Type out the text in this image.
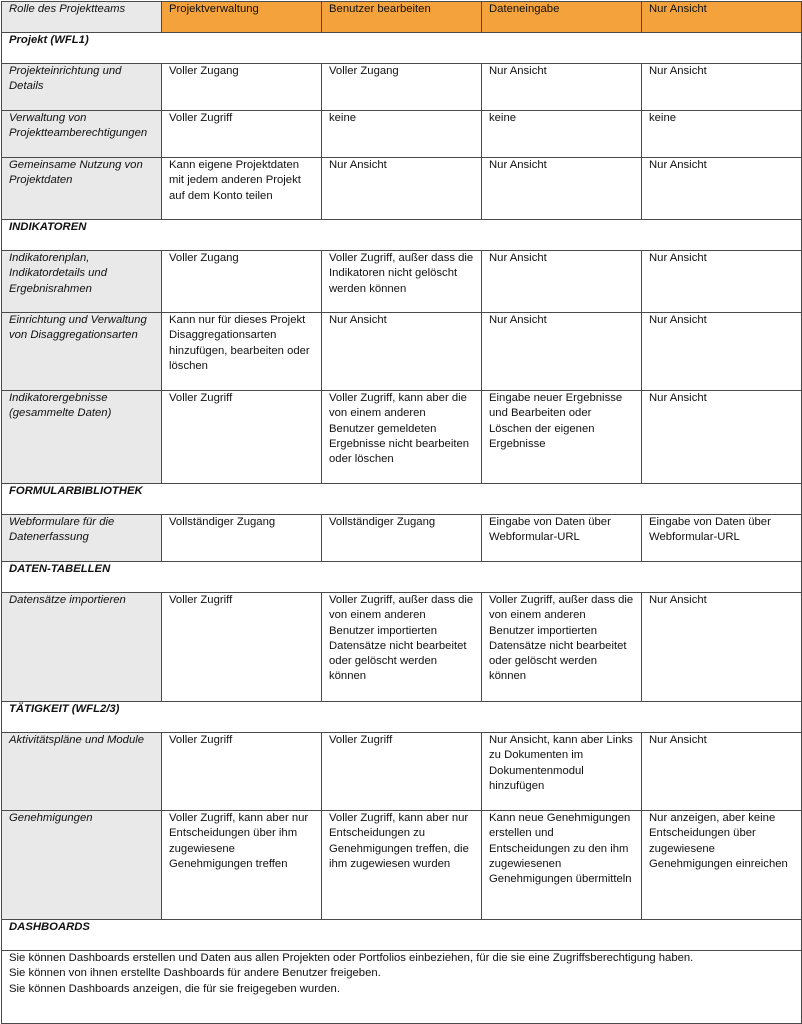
Rolle des Projektteams	Projektverwaltung	Benutzer bearbeiten	Dateneingabe	Nur Ansicht
Projekt (WFL1)				
Projekteinrichtung und Details	Voller Zugang	Voller Zugang	Nur Ansicht	Nur Ansicht
Verwaltung von Projektteamberechtigungen	Voller Zugriff	keine	keine	keine
Gemeinsame Nutzung von Projektdaten	Kann eigene Projektdaten mit jedem anderen Projekt auf dem Konto teilen	Nur Ansicht	Nur Ansicht	Nur Ansicht
INDIKATOREN				
Indikatorenplan, Indikatordetails und Ergebnisrahmen	Voller Zugang	Voller Zugriff, außer dass die Indikatoren nicht gelöscht werden können	Nur Ansicht	Nur Ansicht
Einrichtung und Verwaltung von Disaggregationsarten	Kann nur für dieses Projekt Disaggregationsarten hinzufügen, bearbeiten oder löschen	Nur Ansicht	Nur Ansicht	Nur Ansicht
Indikatorergebnisse (gesammelte Daten)	Voller Zugriff	Voller Zugriff, kann aber die von einem anderen Benutzer gemeldeten Ergebnisse nicht bearbeiten oder löschen	Eingabe neuer Ergebnisse und Bearbeiten oder Löschen der eigenen Ergebnisse	Nur Ansicht
FORMULARBIBLIOTHEK				
Webformulare für die Datenerfassung	Vollständiger Zugang	Vollständiger Zugang	Eingabe von Daten über Webformular-URL	Eingabe von Daten über Webformular-URL
DATEN-TABELLEN				
Datensätze importieren	Voller Zugriff	Voller Zugriff, außer dass die von einem anderen Benutzer importierten Datensätze nicht bearbeitet oder gelöscht werden können	Voller Zugriff, außer dass die von einem anderen Benutzer importierten Datensätze nicht bearbeitet oder gelöscht werden können	Nur Ansicht
TÄTIGKEIT (WFL2/3)				
Aktivitätspläne und Module	Voller Zugriff	Voller Zugriff	Nur Ansicht, kann aber Links zu Dokumenten im Dokumentenmodul hinzufügen	Nur Ansicht
Genehmigungen	Voller Zugriff, kann aber nur Entscheidungen über ihm zugewiesene Genehmigungen treffen	Voller Zugriff, kann aber nur Entscheidungen zu Genehmigungen treffen, die ihm zugewiesen wurden	Kann neue Genehmigungen erstellen und Entscheidungen zu den ihm zugewiesenen Genehmigungen übermitteln	Nur anzeigen, aber keine Entscheidungen über zugewiesene Genehmigungen einreichen
DASHBOARDS				

Sie können Dashboards erstellen und Daten aus allen Projekten oder Portfolios einbeziehen, für die sie eine Zugriffsberechtigung haben.
Sie können von ihnen erstellte Dashboards für andere Benutzer freigeben.
Sie können Dashboards anzeigen, die für sie freigegeben wurden.				
